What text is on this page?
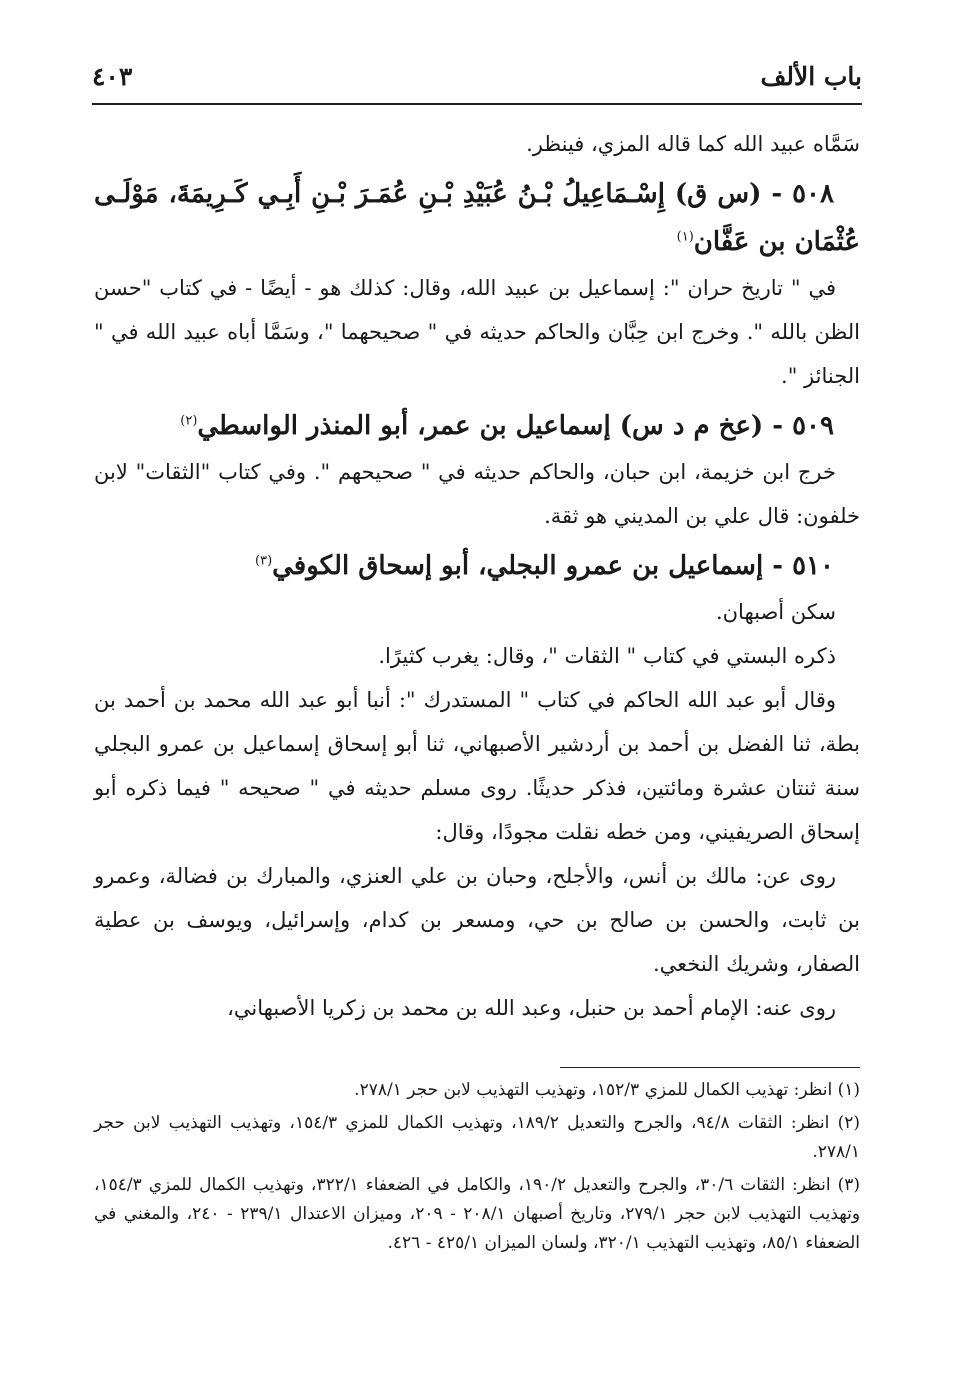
باب الألف
٤٠٣

سَمَّاه عبيد الله كما قاله المزي، فينظر.

٥٠٨ - (س ق) إِسْـمَاعِيلُ بْـنُ عُبَيْدِ بْـنِ عُمَـرَ بْـنِ أَبِـي كَـرِيمَةَ، مَوْلَـى عُثْمَان بن عَفَّان$^{(١)}$

في " تاريخ حران ": إسماعيل بن عبيد الله، وقال: كذلك هو - أيضًا - في كتاب "حسن الظن بالله ". وخرج ابن حِبَّان والحاكم حديثه في " صحيحهما "، وسَمَّا أباه عبيد الله في " الجنائز ".

٥٠٩ - (عخ م د س) إسماعيل بن عمر، أبو المنذر الواسطي$^{(٢)}$

خرج ابن خزيمة، ابن حبان، والحاكم حديثه في " صحيحهم ". وفي كتاب "الثقات" لابن خلفون: قال علي بن المديني هو ثقة.

٥١٠ - إسماعيل بن عمرو البجلي، أبو إسحاق الكوفي$^{(٣)}$

سكن أصبهان.

ذكره البستي في كتاب " الثقات "، وقال: يغرب كثيرًا.

وقال أبو عبد الله الحاكم في كتاب " المستدرك ": أنبا أبو عبد الله محمد بن أحمد بن بطة، ثنا الفضل بن أحمد بن أردشير الأصبهاني، ثنا أبو إسحاق إسماعيل بن عمرو البجلي سنة ثنتان عشرة ومائتين، فذكر حديثًا. روى مسلم حديثه في " صحيحه " فيما ذكره أبو إسحاق الصريفيني، ومن خطه نقلت مجودًا، وقال:

روى عن: مالك بن أنس، والأجلح، وحبان بن علي العنزي، والمبارك بن فضالة، وعمرو بن ثابت، والحسن بن صالح بن حي، ومسعر بن كدام، وإسرائيل، ويوسف بن عطية الصفار، وشريك النخعي.

روى عنه: الإمام أحمد بن حنبل، وعبد الله بن محمد بن زكريا الأصبهاني،

(١) انظر: تهذيب الكمال للمزي ١٥٢/٣، وتهذيب التهذيب لابن حجر ٢٧٨/١.

(٢) انظر: الثقات ٩٤/٨، والجرح والتعديل ١٨٩/٢، وتهذيب الكمال للمزي ١٥٤/٣، وتهذيب التهذيب لابن حجر ٢٧٨/١.

(٣) انظر: الثقات ٣٠/٦، والجرح والتعديل ١٩٠/٢، والكامل في الضعفاء ٣٢٢/١، وتهذيب الكمال للمزي ١٥٤/٣، وتهذيب التهذيب لابن حجر ٢٧٩/١، وتاريخ أصبهان ٢٠٨/١ - ٢٠٩، وميزان الاعتدال ٢٣٩/١ - ٢٤٠، والمغني في الضعفاء ٨٥/١، وتهذيب التهذيب ٣٢٠/١، ولسان الميزان ٤٢٥/١ - ٤٢٦.
